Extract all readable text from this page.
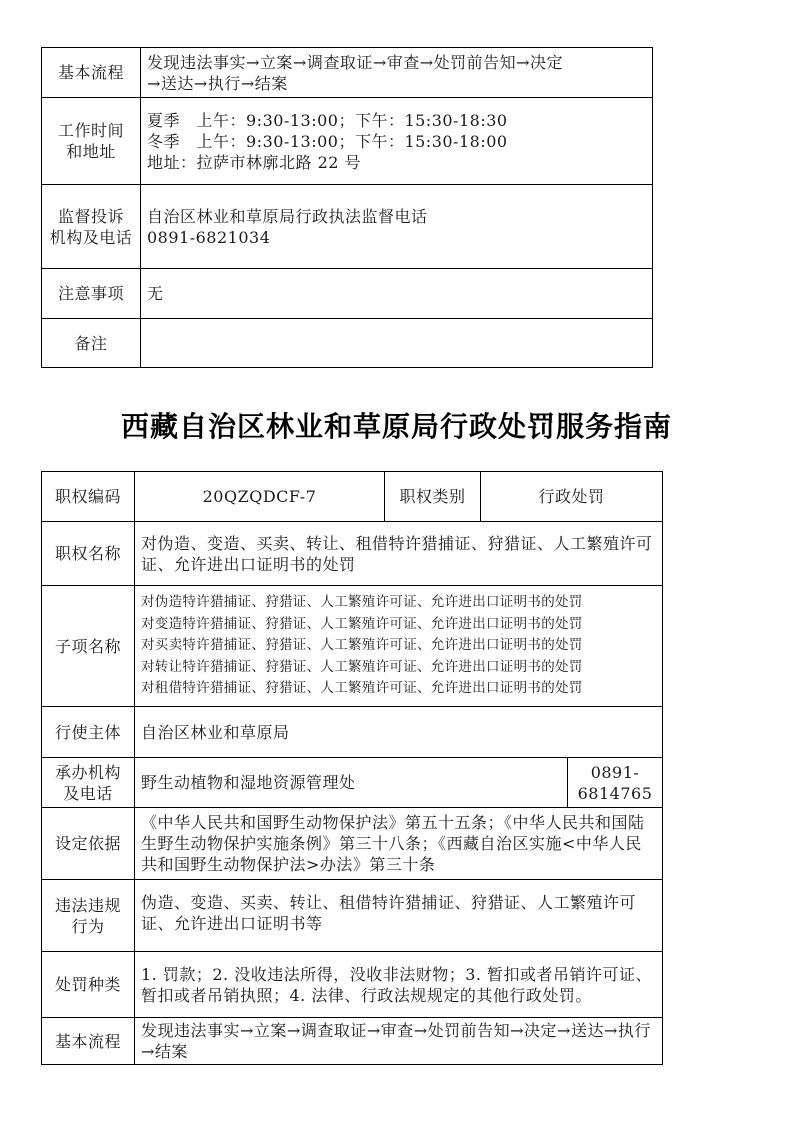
基本流程	发现违法事实→立案→调查取证→审查→处罚前告知→决定
→送达→执行→结案

工作时间
和地址	夏季　上午：9:30-13:00；下午：15:30-18:30
冬季　上午：9:30-13:00；下午：15:30-18:00
地址：拉萨市林廓北路 22 号

监督投诉
机构及电话	自治区林业和草原局行政执法监督电话
0891-6821034

注意事项	无
备注	
西藏自治区林业和草原局行政处罚服务指南
职权编码	20QZQDCF-7	职权类别	行政处罚	
职权名称	对伪造、变造、买卖、转让、租借特许猎捕证、狩猎证、人工繁殖许可证、允许进出口证明书的处罚			
子项名称	对伪造特许猎捕证、狩猎证、人工繁殖许可证、允许进出口证明书的处罚
对变造特许猎捕证、狩猎证、人工繁殖许可证、允许进出口证明书的处罚
对买卖特许猎捕证、狩猎证、人工繁殖许可证、允许进出口证明书的处罚
对转让特许猎捕证、狩猎证、人工繁殖许可证、允许进出口证明书的处罚
对租借特许猎捕证、狩猎证、人工繁殖许可证、允许进出口证明书的处罚			

行使主体	自治区林业和草原局			

承办机构
及电话	野生动植物和湿地资源管理处			0891-6814765
设定依据	《中华人民共和国野生动物保护法》第五十五条；《中华人民共和国陆生野生动物保护实施条例》第三十八条；《西藏自治区实施<中华人民共和国野生动物保护法>办法》第三十条			

违法违规
行为	伪造、变造、买卖、转让、租借特许猎捕证、狩猎证、人工繁殖许可证、允许进出口证明书等			
处罚种类	1. 罚款；2. 没收违法所得，没收非法财物；3. 暂扣或者吊销许可证、暂扣或者吊销执照；4. 法律、行政法规规定的其他行政处罚。			
基本流程	发现违法事实→立案→调查取证→审查→处罚前告知→决定→送达→执行→结案			
